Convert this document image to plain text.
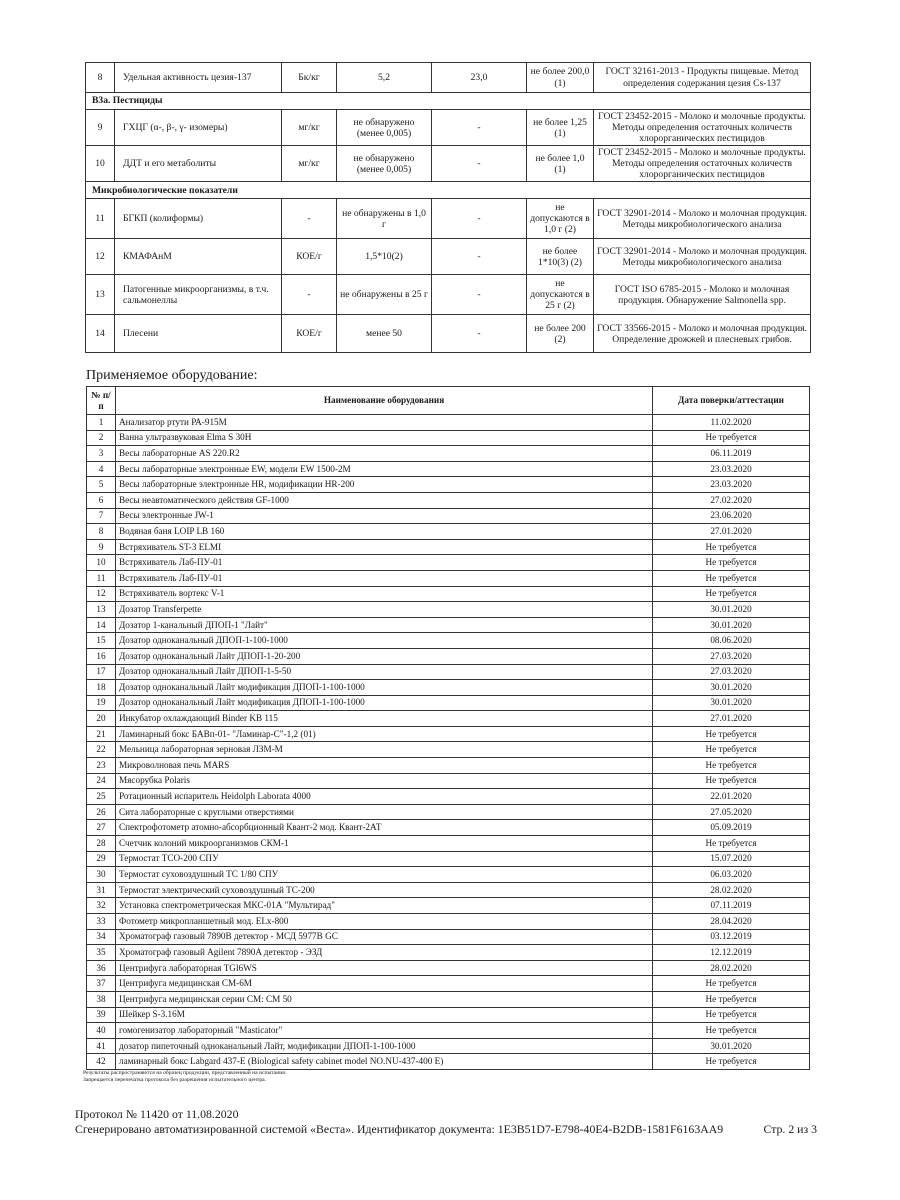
8	Удельная активность цезия-137	Бк/кг	5,2	23,0	не более 200,0 (1)	ГОСТ 32161-2013 - Продукты пищевые. Метод определения содержания цезия Cs-137
В3а. Пестициды						
9	ГХЦГ (α-, β-, γ- изомеры)	мг/кг	не обнаружено (менее 0,005)	-	не более 1,25 (1)	ГОСТ 23452-2015 - Молоко и молочные продукты. Методы определения остаточных количеств хлорорганических пестицидов
10	ДДТ и его метаболиты	мг/кг	не обнаружено (менее 0,005)	-	не более 1,0 (1)	ГОСТ 23452-2015 - Молоко и молочные продукты. Методы определения остаточных количеств хлорорганических пестицидов
Микробиологические показатели						
11	БГКП (колиформы)	-	не обнаружены в 1,0 г	-	не допускаются в 1,0 г (2)	ГОСТ 32901-2014 - Молоко и молочная продукция. Методы микробиологического анализа
12	КМАФАнМ	КОЕ/г	1,5*10(2)	-	не более 1*10(3) (2)	ГОСТ 32901-2014 - Молоко и молочная продукция. Методы микробиологического анализа
13	Патогенные микроорганизмы, в т.ч. сальмонеллы	-	не обнаружены в 25 г	-	не допускаются в 25 г (2)	ГОСТ ISO 6785-2015 - Молоко и молочная продукция. Обнаружение Salmonella spp.
14	Плесени	КОЕ/г	менее 50	-	не более 200 (2)	ГОСТ 33566-2015 - Молоко и молочная продукция. Определение дрожжей и плесневых грибов.
Применяемое оборудование:
№ п/п	Наименование оборудования	Дата поверки/аттестации
1	Анализатор ртути РА-915М	11.02.2020
2	Ванна ультразвуковая Elma S 30H	Не требуется
3	Весы лабораторные AS 220.R2	06.11.2019
4	Весы лабораторные электронные EW, модели EW 1500-2M	23.03.2020
5	Весы лабораторные электронные HR, модификации HR-200	23.03.2020
6	Весы неавтоматического действия GF-1000	27.02.2020
7	Весы электронные JW-1	23.06.2020
8	Водяная баня LOIP LB 160	27.01.2020
9	Встряхиватель ST-3 ELMI	Не требуется
10	Встряхиватель Лаб-ПУ-01	Не требуется
11	Встряхиватель Лаб-ПУ-01	Не требуется
12	Встряхиватель вортекс V-1	Не требуется
13	Дозатор Transferpette	30.01.2020
14	Дозатор 1-канальный ДПОП-1 "Лайт"	30.01.2020
15	Дозатор одноканальный ДПОП-1-100-1000	08.06.2020
16	Дозатор одноканальный Лайт ДПОП-1-20-200	27.03.2020
17	Дозатор одноканальный Лайт ДПОП-1-5-50	27.03.2020
18	Дозатор одноканальный Лайт модификация ДПОП-1-100-1000	30.01.2020
19	Дозатор одноканальный Лайт модификация ДПОП-1-100-1000	30.01.2020
20	Инкубатор охлаждающий Binder KB 115	27.01.2020
21	Ламинарный бокс БАВп-01- "Ламинар-С"-1,2 (01)	Не требуется
22	Мельница лабораторная зерновая ЛЗМ-М	Не требуется
23	Микроволновая печь MARS	Не требуется
24	Мясорубка Polaris	Не требуется
25	Ротационный испаритель Heidolph Laborata 4000	22.01.2020
26	Сита лабораторные с круглыми отверстиями	27.05.2020
27	Спектрофотометр атомно-абсорбционный Квант-2 мод. Квант-2АТ	05.09.2019
28	Счетчик колоний микроорганизмов СКМ-1	Не требуется
29	Термостат ТСО-200 СПУ	15.07.2020
30	Термостат суховоздушный ТС 1/80 СПУ	06.03.2020
31	Термостат электрический суховоздушный ТС-200	28.02.2020
32	Установка спектрометрическая МКС-01А "Мультирад"	07.11.2019
33	Фотометр микропланшетный мод. ELx-800	28.04.2020
34	Хроматограф газовый 7890В детектор - МСД 5977В GC	03.12.2019
35	Хроматограф газовый Agilent 7890A детектор - ЭЗД	12.12.2019
36	Центрифуга лабораторная TGl6WS	28.02.2020
37	Центрифуга медицинская СМ-6М	Не требуется
38	Центрифуга медицинская серии СМ: СМ 50	Не требуется
39	Шейкер S-3.16M	Не требуется
40	гомогенизатор лабораторный "Masticator"	Не требуется
41	дозатор пипеточный одноканальный Лайт, модификации ДПОП-1-100-1000	30.01.2020
42	ламинарный бокс Labgard 437-E (Biological safety cabinet model NO.NU-437-400 E)	Не требуется

Результаты распространяются на образец продукции, представленный на испытания.

Запрещается перепечатка протокола без разрешения испытательного центра.

Протокол № 11420 от 11.08.2020
Сгенерировано автоматизированной системой «Веста». Идентификатор документа: 1E3B51D7-E798-40E4-B2DB-1581F6163AA9	Стр. 2 из 3
